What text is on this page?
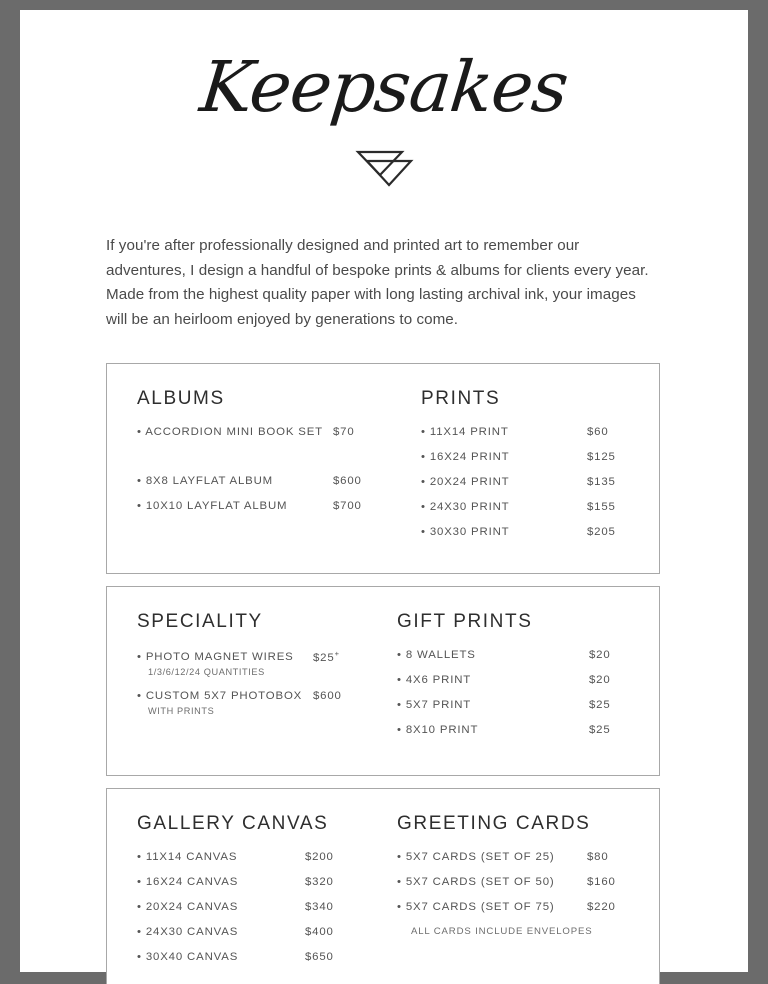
Keepsakes

If you're after professionally designed and printed art to remember our adventures, I design a handful of bespoke prints & albums for clients every year. Made from the highest quality paper with long lasting archival ink, your images will be an heirloom enjoyed by generations to come.

ALBUMS
• ACCORDION MINI BOOK SET $70
• 8X8 LAYFLAT ALBUM	$600
• 10X10 LAYFLAT ALBUM	$700
PRINTS
• 11X14 PRINT	$60
• 16X24 PRINT	$125
• 20X24 PRINT	$135
• 24X30 PRINT	$155
• 30X30 PRINT	$205
SPECIALITY
• PHOTO MAGNET WIRES $25+
1/3/6/12/24 QUANTITIES
• CUSTOM 5X7 PHOTOBOX $600
WITH PRINTS
GIFT PRINTS
• 8 WALLETS	$20
• 4X6 PRINT	$20
• 5X7 PRINT	$25
• 8X10 PRINT	$25
GALLERY CANVAS
• 11X14 CANVAS	$200
• 16X24 CANVAS	$320
• 20X24 CANVAS	$340
• 24X30 CANVAS	$400
• 30X40 CANVAS	$650
GREETING CARDS
• 5X7 CARDS (SET OF 25)	$80
• 5X7 CARDS (SET OF 50)	$160
• 5X7 CARDS (SET OF 75)	$220
ALL CARDS INCLUDE ENVELOPES
